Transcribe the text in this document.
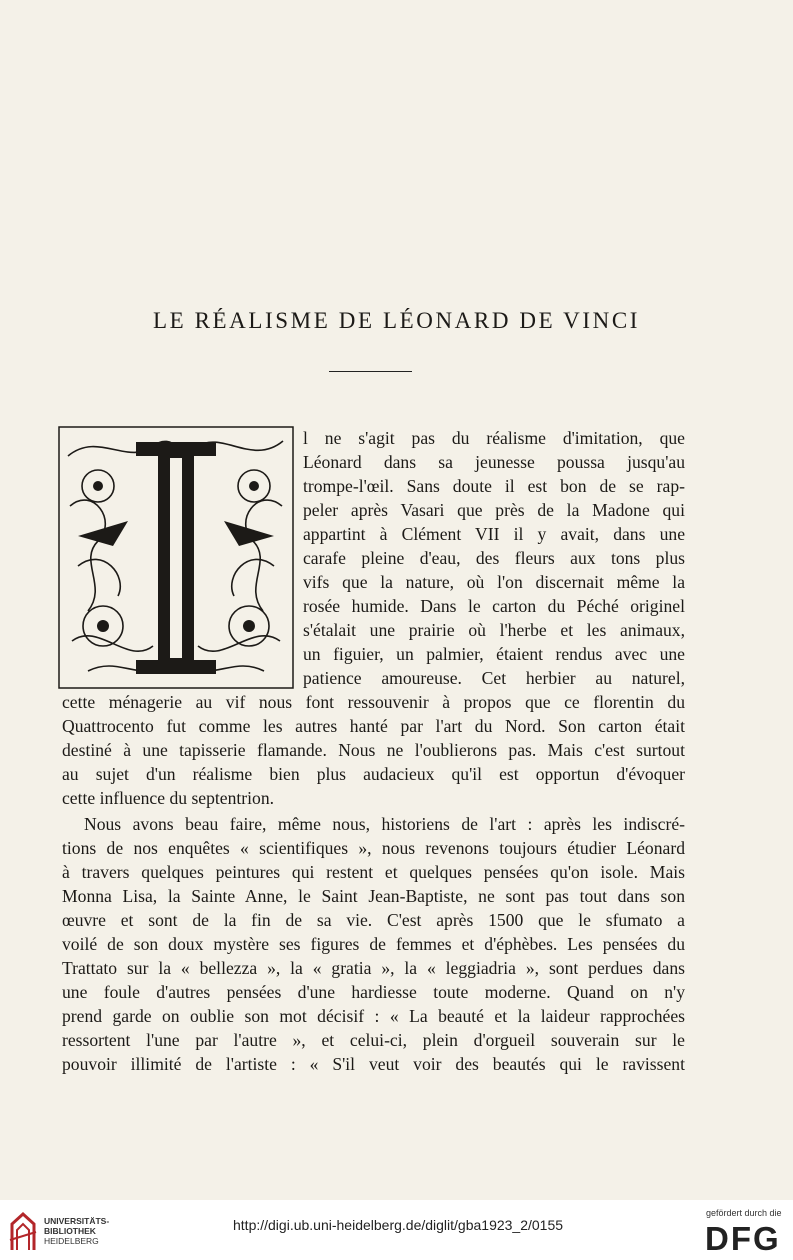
LE RÉALISME DE LÉONARD DE VINCI
l ne s'agit pas du réalisme d'imitation, que
Léonard dans sa jeunesse poussa jusqu'au
trompe-l'œil. Sans doute il est bon de se rap-
peler après Vasari que près de la Madone qui
appartint à Clément VII il y avait, dans une
carafe pleine d'eau, des fleurs aux tons plus
vifs que la nature, où l'on discernait même la
rosée humide. Dans le carton du Péché originel
s'étalait une prairie où l'herbe et les animaux,
un figuier, un palmier, étaient rendus avec une
patience amoureuse. Cet herbier au naturel,
cette ménagerie au vif nous font ressouvenir à propos que ce florentin du
Quattrocento fut comme les autres hanté par l'art du Nord. Son carton était
destiné à une tapisserie flamande. Nous ne l'oublierons pas. Mais c'est surtout
au sujet d'un réalisme bien plus audacieux qu'il est opportun d'évoquer
cette influence du septentrion.
Nous avons beau faire, même nous, historiens de l'art : après les indiscré-
tions de nos enquêtes « scientifiques », nous revenons toujours étudier Léonard
à travers quelques peintures qui restent et quelques pensées qu'on isole. Mais
Monna Lisa, la Sainte Anne, le Saint Jean-Baptiste, ne sont pas tout dans son
œuvre et sont de la fin de sa vie. C'est après 1500 que le sfumato a
voilé de son doux mystère ses figures de femmes et d'éphèbes. Les pensées du
Trattato sur la « bellezza », la « gratia », la « leggiadria », sont perdues dans
une foule d'autres pensées d'une hardiesse toute moderne. Quand on n'y
prend garde on oublie son mot décisif : « La beauté et la laideur rapprochées
ressortent l'une par l'autre », et celui-ci, plein d'orgueil souverain sur le
pouvoir illimité de l'artiste : « S'il veut voir des beautés qui le ravissent
UNIVERSITÄTS-
BIBLIOTHEK
HEIDELBERG
http://digi.ub.uni-heidelberg.de/diglit/gba1923_2/0155
gefördert durch die
DFG
